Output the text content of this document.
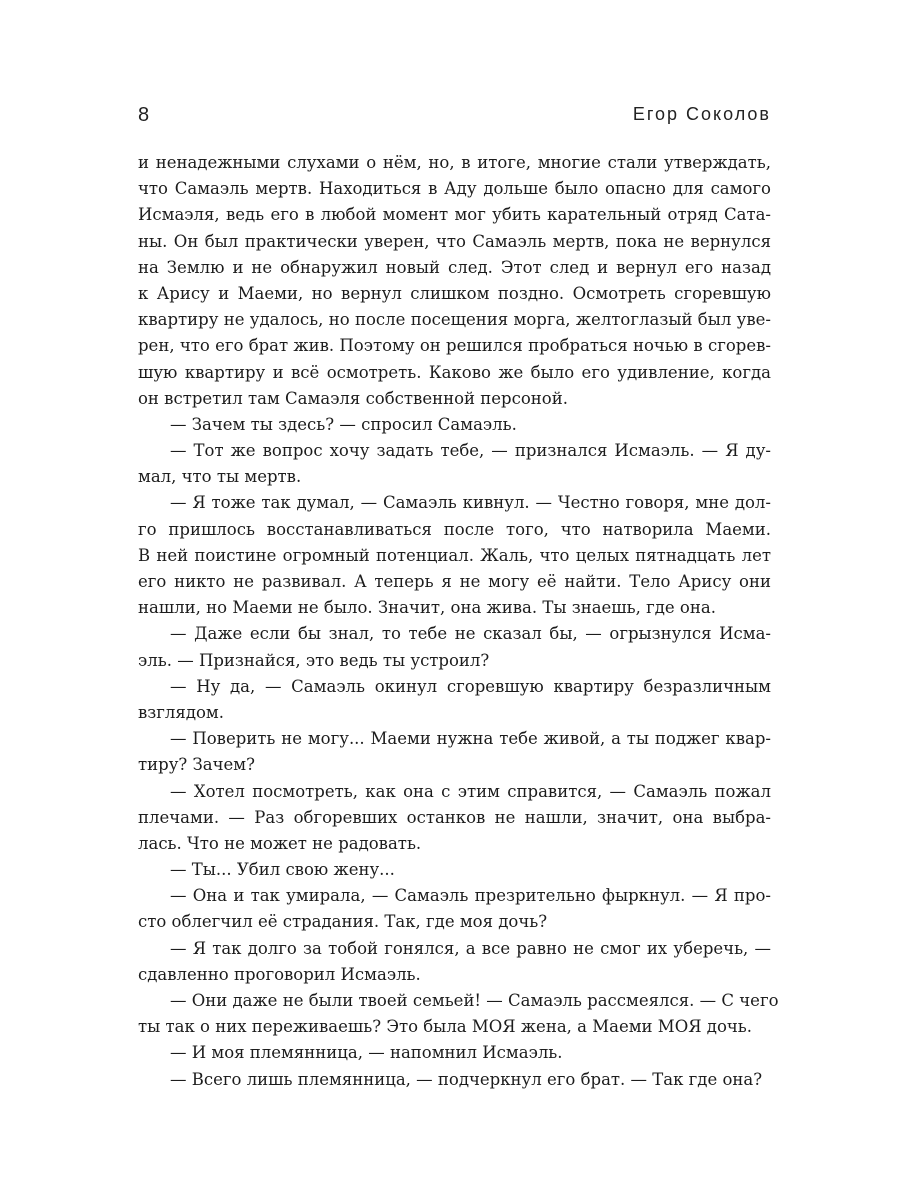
8	Егор Соколов
и ненадежными слухами о нём, но, в итоге, многие стали утверждать,
что Самаэль мертв. Находиться в Аду дольше было опасно для самого
Исмаэля, ведь его в любой момент мог убить карательный отряд Сата-
ны. Он был практически уверен, что Самаэль мертв, пока не вернулся
на Землю и не обнаружил новый след. Этот след и вернул его назад
к Арису и Маеми, но вернул слишком поздно. Осмотреть сгоревшую
квартиру не удалось, но после посещения морга, желтоглазый был уве-
рен, что его брат жив. Поэтому он решился пробраться ночью в сгорев-
шую квартиру и всё осмотреть. Каково же было его удивление, когда
он встретил там Самаэля собственной персоной.
— Зачем ты здесь? — спросил Самаэль.
— Тот же вопрос хочу задать тебе, — признался Исмаэль. — Я ду-
мал, что ты мертв.
— Я тоже так думал, — Самаэль кивнул. — Честно говоря, мне дол-
го пришлось восстанавливаться после того, что натворила Маеми.
В ней поистине огромный потенциал. Жаль, что целых пятнадцать лет
его никто не развивал. А теперь я не могу её найти. Тело Арису они
нашли, но Маеми не было. Значит, она жива. Ты знаешь, где она.
— Даже если бы знал, то тебе не сказал бы, — огрызнулся Исма-
эль. — Признайся, это ведь ты устроил?
— Ну да, — Самаэль окинул сгоревшую квартиру безразличным
взглядом.
— Поверить не могу... Маеми нужна тебе живой, а ты поджег квар-
тиру? Зачем?
— Хотел посмотреть, как она с этим справится, — Самаэль пожал
плечами. — Раз обгоревших останков не нашли, значит, она выбра-
лась. Что не может не радовать.
— Ты... Убил свою жену...
— Она и так умирала, — Самаэль презрительно фыркнул. — Я про-
сто облегчил её страдания. Так, где моя дочь?
— Я так долго за тобой гонялся, а все равно не смог их уберечь, —
сдавленно проговорил Исмаэль.
— Они даже не были твоей семьей! — Самаэль рассмеялся. — С чего
ты так о них переживаешь? Это была МОЯ жена, а Маеми МОЯ дочь.
— И моя племянница, — напомнил Исмаэль.
— Всего лишь племянница, — подчеркнул его брат. — Так где она?
